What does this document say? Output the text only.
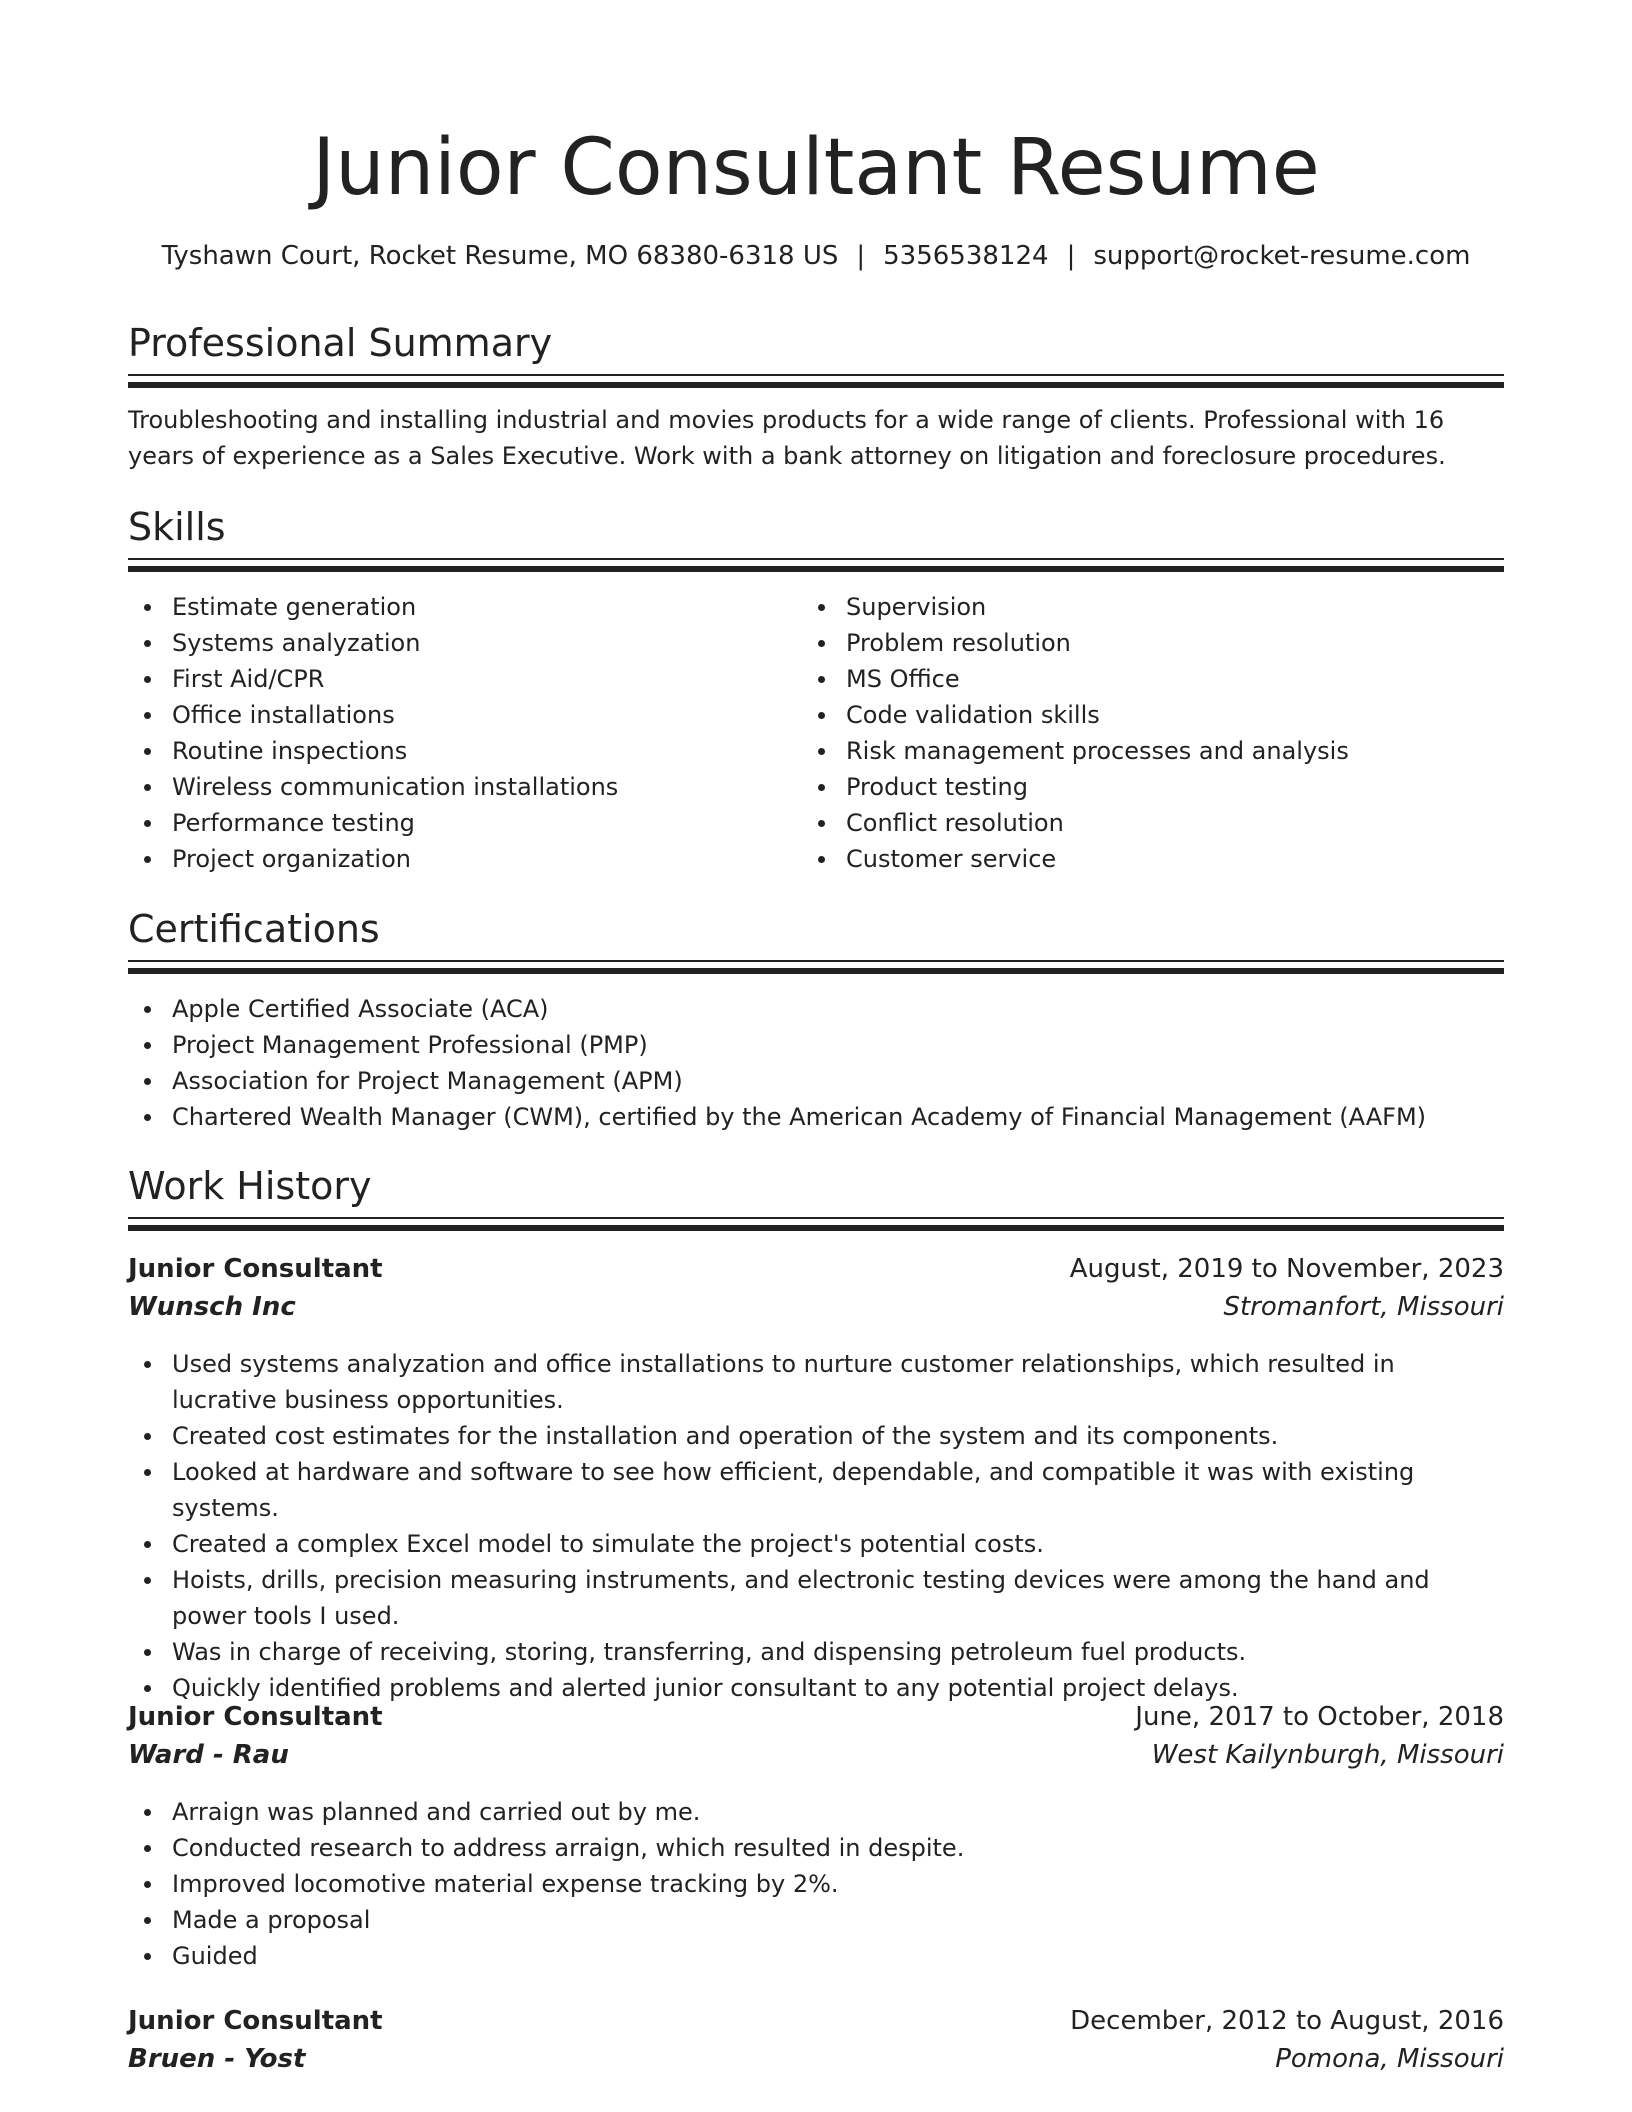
Junior Consultant Resume
Tyshawn Court, Rocket Resume, MO 68380-6318 US | 5356538124 | support@rocket-resume.com
Professional Summary
Troubleshooting and installing industrial and movies products for a wide range of clients. Professional with 16 years of experience as a Sales Executive. Work with a bank attorney on litigation and foreclosure procedures.
Skills
Estimate generation
Systems analyzation
First Aid/CPR
Office installations
Routine inspections
Wireless communication installations
Performance testing
Project organization
Supervision
Problem resolution
MS Office
Code validation skills
Risk management processes and analysis
Product testing
Conflict resolution
Customer service
Certifications
Apple Certified Associate (ACA)
Project Management Professional (PMP)
Association for Project Management (APM)
Chartered Wealth Manager (CWM), certified by the American Academy of Financial Management (AAFM)
Work History
Junior Consultant	August, 2019 to November, 2023
Wunsch Inc	Stromanfort, Missouri
Used systems analyzation and office installations to nurture customer relationships, which resulted in lucrative business opportunities.
Created cost estimates for the installation and operation of the system and its components.
Looked at hardware and software to see how efficient, dependable, and compatible it was with existing systems.
Created a complex Excel model to simulate the project's potential costs.
Hoists, drills, precision measuring instruments, and electronic testing devices were among the hand and power tools I used.
Was in charge of receiving, storing, transferring, and dispensing petroleum fuel products.
Quickly identified problems and alerted junior consultant to any potential project delays.
Junior Consultant	June, 2017 to October, 2018
Ward - Rau	West Kailynburgh, Missouri
Arraign was planned and carried out by me.
Conducted research to address arraign, which resulted in despite.
Improved locomotive material expense tracking by 2%.
Made a proposal
Guided
Junior Consultant	December, 2012 to August, 2016
Bruen - Yost	Pomona, Missouri
